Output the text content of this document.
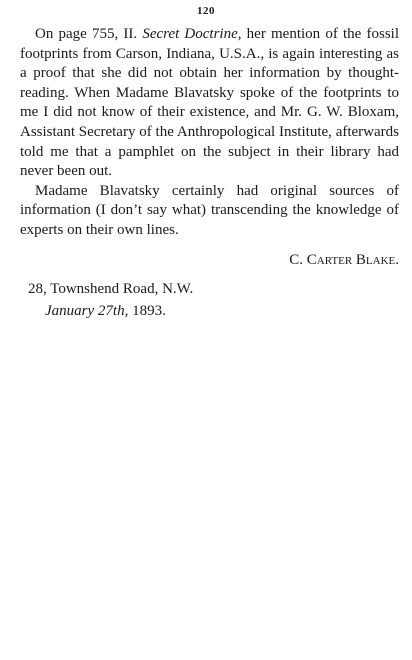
120

On page 755, II. Secret Doctrine, her mention of the fossil footprints from Carson, Indiana, U.S.A., is again interesting as a proof that she did not obtain her information by thought-reading. When Madame Blavatsky spoke of the footprints to me I did not know of their existence, and Mr. G. W. Bloxam, Assistant Secretary of the Anthropological Institute, afterwards told me that a pamphlet on the subject in their library had never been out.

Madame Blavatsky certainly had original sources of information (I don’t say what) transcending the knowledge of experts on their own lines.

C. Carter Blake.
28, Townshend Road, N.W.
January 27th, 1893.
